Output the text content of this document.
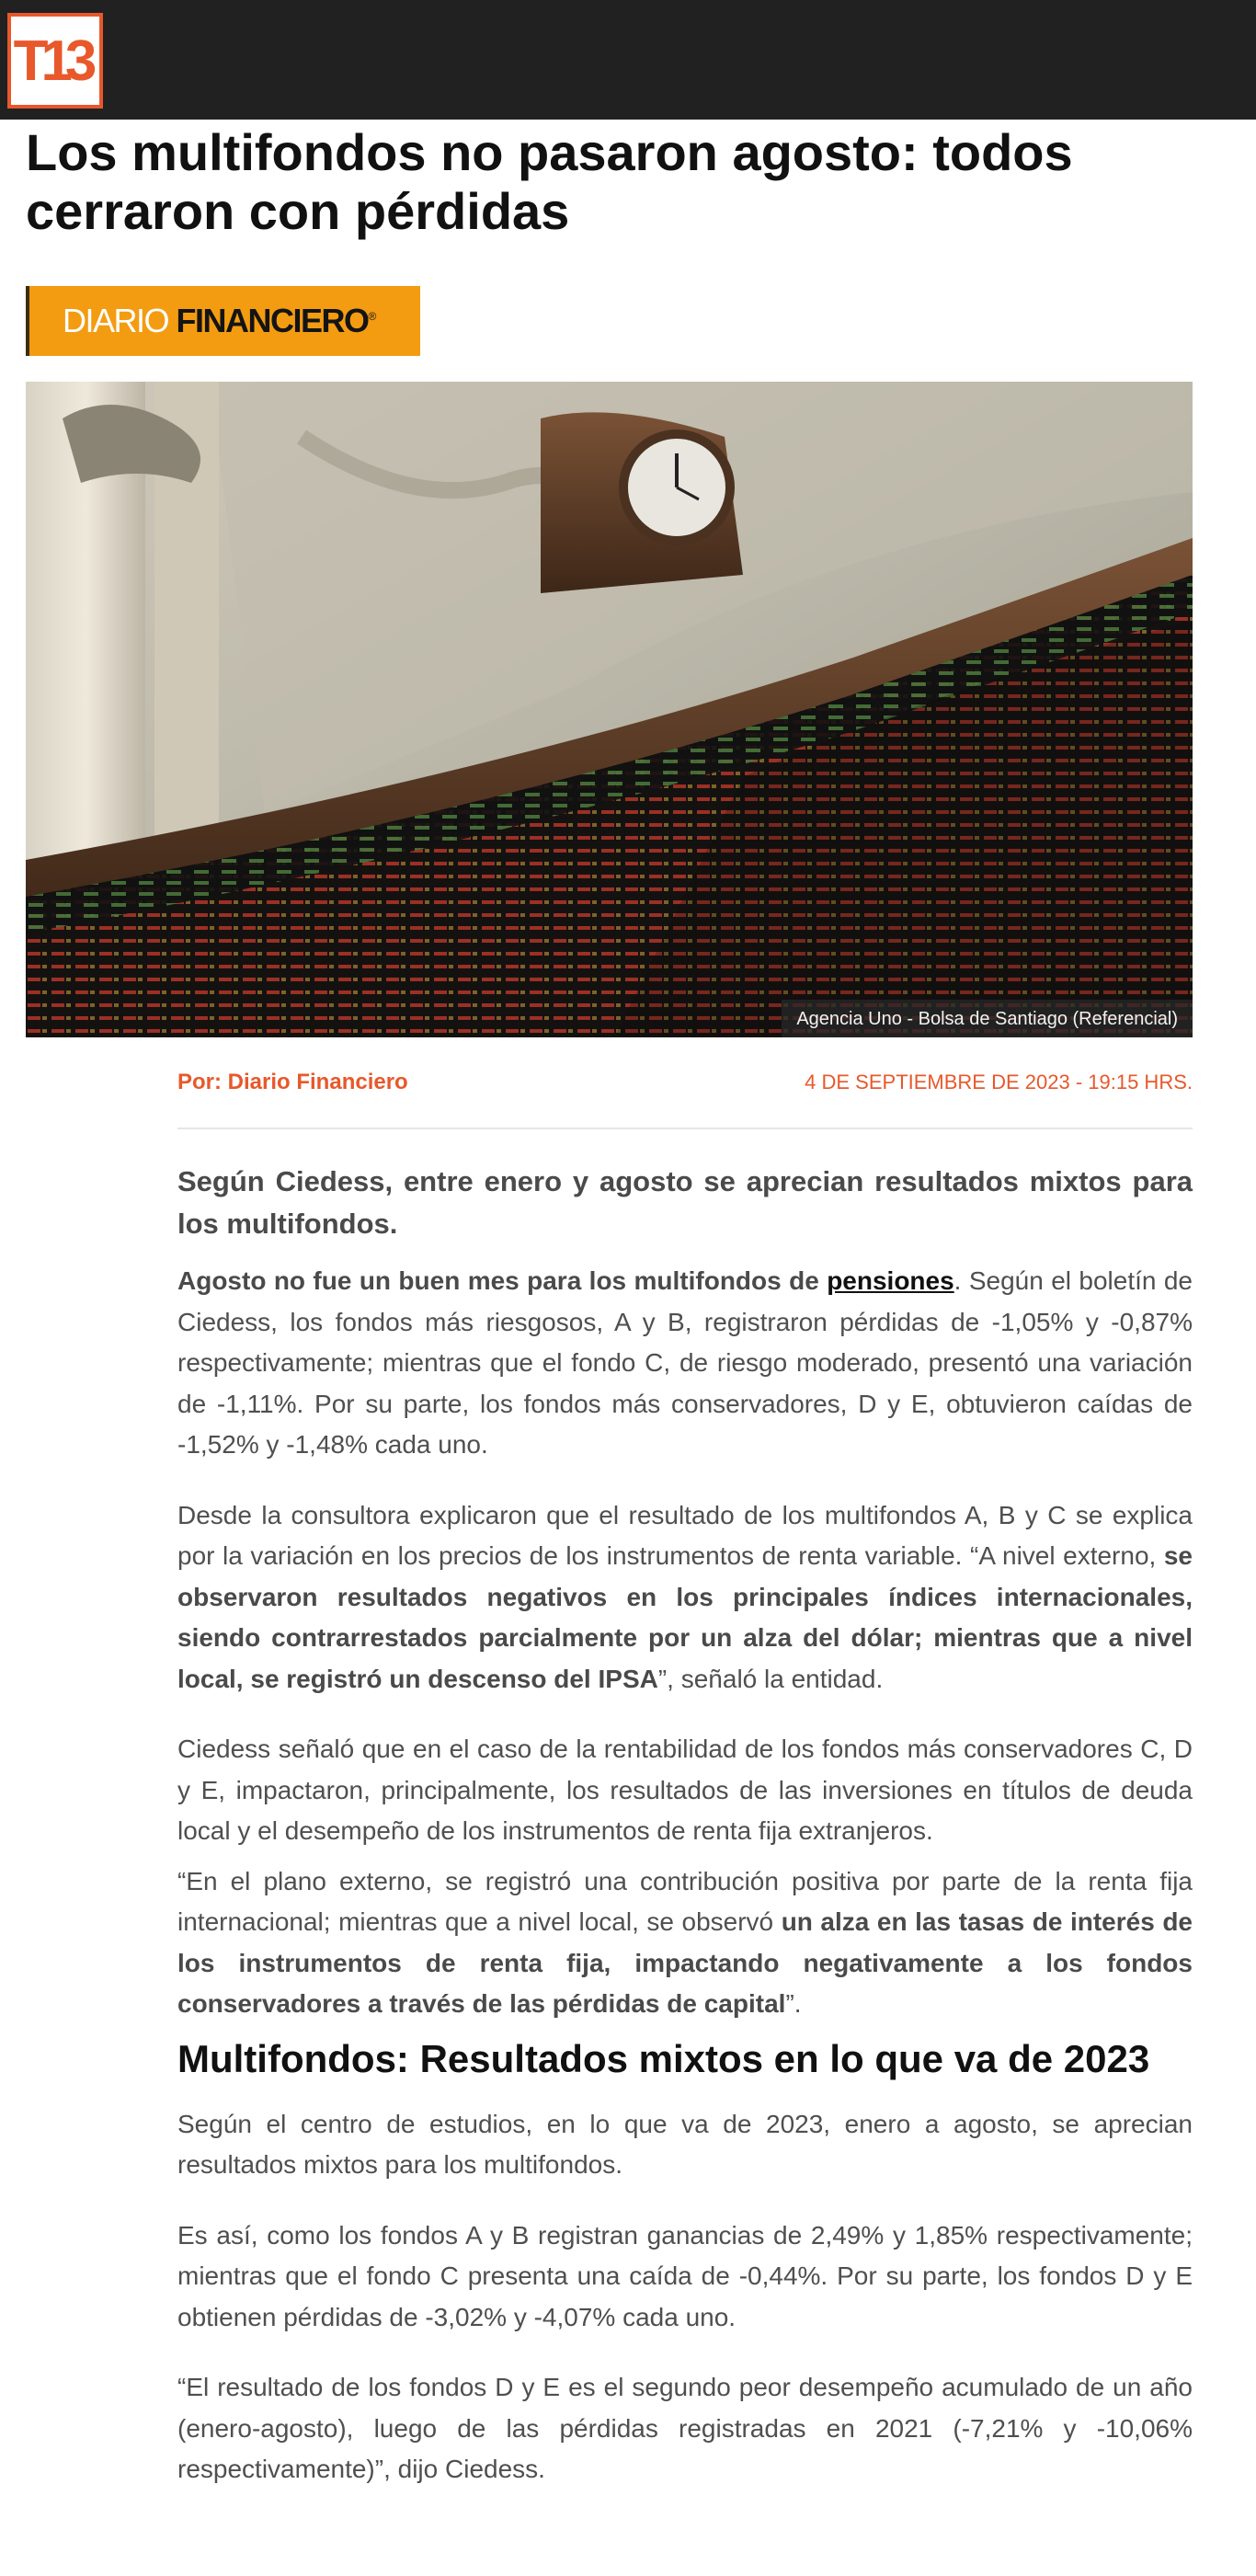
T13
Los multifondos no pasaron agosto: todos cerraron con pérdidas
DIARIO FINANCIERO®
Agencia Uno - Bolsa de Santiago (Referencial)
Por: Diario Financiero	4 DE SEPTIEMBRE DE 2023 - 19:15 HRS.

Según Ciedess, entre enero y agosto se aprecian resultados mixtos para los multifondos.

Agosto no fue un buen mes para los multifondos de pensiones. Según el boletín de Ciedess, los fondos más riesgosos, A y B, registraron pérdidas de -1,05% y -0,87% respectivamente; mientras que el fondo C, de riesgo moderado, presentó una variación de -1,11%. Por su parte, los fondos más conservadores, D y E, obtuvieron caídas de -1,52% y -1,48% cada uno.

Desde la consultora explicaron que el resultado de los multifondos A, B y C se explica por la variación en los precios de los instrumentos de renta variable. “A nivel externo, se observaron resultados negativos en los principales índices internacionales, siendo contrarrestados parcialmente por un alza del dólar; mientras que a nivel local, se registró un descenso del IPSA”, señaló la entidad.

Ciedess señaló que en el caso de la rentabilidad de los fondos más conservadores C, D y E, impactaron, principalmente, los resultados de las inversiones en títulos de deuda local y el desempeño de los instrumentos de renta fija extranjeros.

“En el plano externo, se registró una contribución positiva por parte de la renta fija internacional; mientras que a nivel local, se observó un alza en las tasas de interés de los instrumentos de renta fija, impactando negativamente a los fondos conservadores a través de las pérdidas de capital”.

Multifondos: Resultados mixtos en lo que va de 2023

Según el centro de estudios, en lo que va de 2023, enero a agosto, se aprecian resultados mixtos para los multifondos.

Es así, como los fondos A y B registran ganancias de 2,49% y 1,85% respectivamente; mientras que el fondo C presenta una caída de -0,44%. Por su parte, los fondos D y E obtienen pérdidas de -3,02% y -4,07% cada uno.

“El resultado de los fondos D y E es el segundo peor desempeño acumulado de un año (enero-agosto), luego de las pérdidas registradas en 2021 (-7,21% y -10,06% respectivamente)”, dijo Ciedess.
